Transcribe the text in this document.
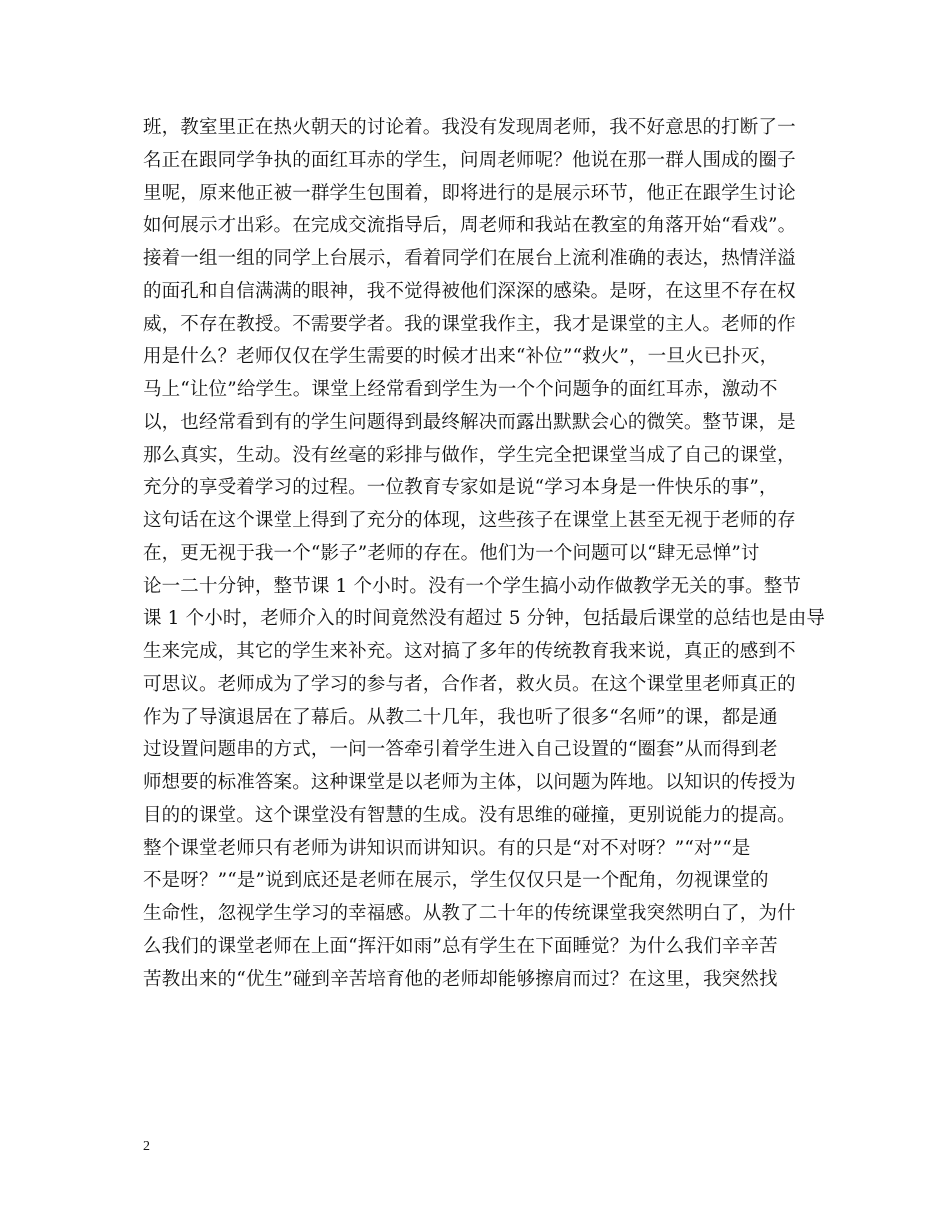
班，教室里正在热火朝天的讨论着。我没有发现周老师，我不好意思的打断了一
名正在跟同学争执的面红耳赤的学生，问周老师呢？他说在那一群人围成的圈子
里呢，原来他正被一群学生包围着，即将进行的是展示环节，他正在跟学生讨论
如何展示才出彩。在完成交流指导后，周老师和我站在教室的角落开始“看戏”。
接着一组一组的同学上台展示，看着同学们在展台上流利准确的表达，热情洋溢
的面孔和自信满满的眼神，我不觉得被他们深深的感染。是呀，在这里不存在权
威，不存在教授。不需要学者。我的课堂我作主，我才是课堂的主人。老师的作
用是什么？老师仅仅在学生需要的时候才出来“补位”“救火”，一旦火已扑灭，
马上“让位”给学生。课堂上经常看到学生为一个个问题争的面红耳赤，激动不
以，也经常看到有的学生问题得到最终解决而露出默默会心的微笑。整节课，是
那么真实，生动。没有丝毫的彩排与做作，学生完全把课堂当成了自己的课堂，
充分的享受着学习的过程。一位教育专家如是说“学习本身是一件快乐的事”，
这句话在这个课堂上得到了充分的体现，这些孩子在课堂上甚至无视于老师的存
在，更无视于我一个“影子”老师的存在。他们为一个问题可以“肆无忌惮”讨
论一二十分钟，整节课 1 个小时。没有一个学生搞小动作做教学无关的事。整节
课 1 个小时，老师介入的时间竟然没有超过 5 分钟，包括最后课堂的总结也是由导
生来完成，其它的学生来补充。这对搞了多年的传统教育我来说，真正的感到不
可思议。老师成为了学习的参与者，合作者，救火员。在这个课堂里老师真正的
作为了导演退居在了幕后。从教二十几年，我也听了很多“名师”的课，都是通
过设置问题串的方式，一问一答牵引着学生进入自己设置的“圈套”从而得到老
师想要的标准答案。这种课堂是以老师为主体，以问题为阵地。以知识的传授为
目的的课堂。这个课堂没有智慧的生成。没有思维的碰撞，更别说能力的提高。
整个课堂老师只有老师为讲知识而讲知识。有的只是“对不对呀？”“对”“是
不是呀？”“是”说到底还是老师在展示，学生仅仅只是一个配角，勿视课堂的
生命性，忽视学生学习的幸福感。从教了二十年的传统课堂我突然明白了，为什
么我们的课堂老师在上面“挥汗如雨”总有学生在下面睡觉？为什么我们辛辛苦
苦教出来的“优生”碰到辛苦培育他的老师却能够擦肩而过？在这里，我突然找
2
